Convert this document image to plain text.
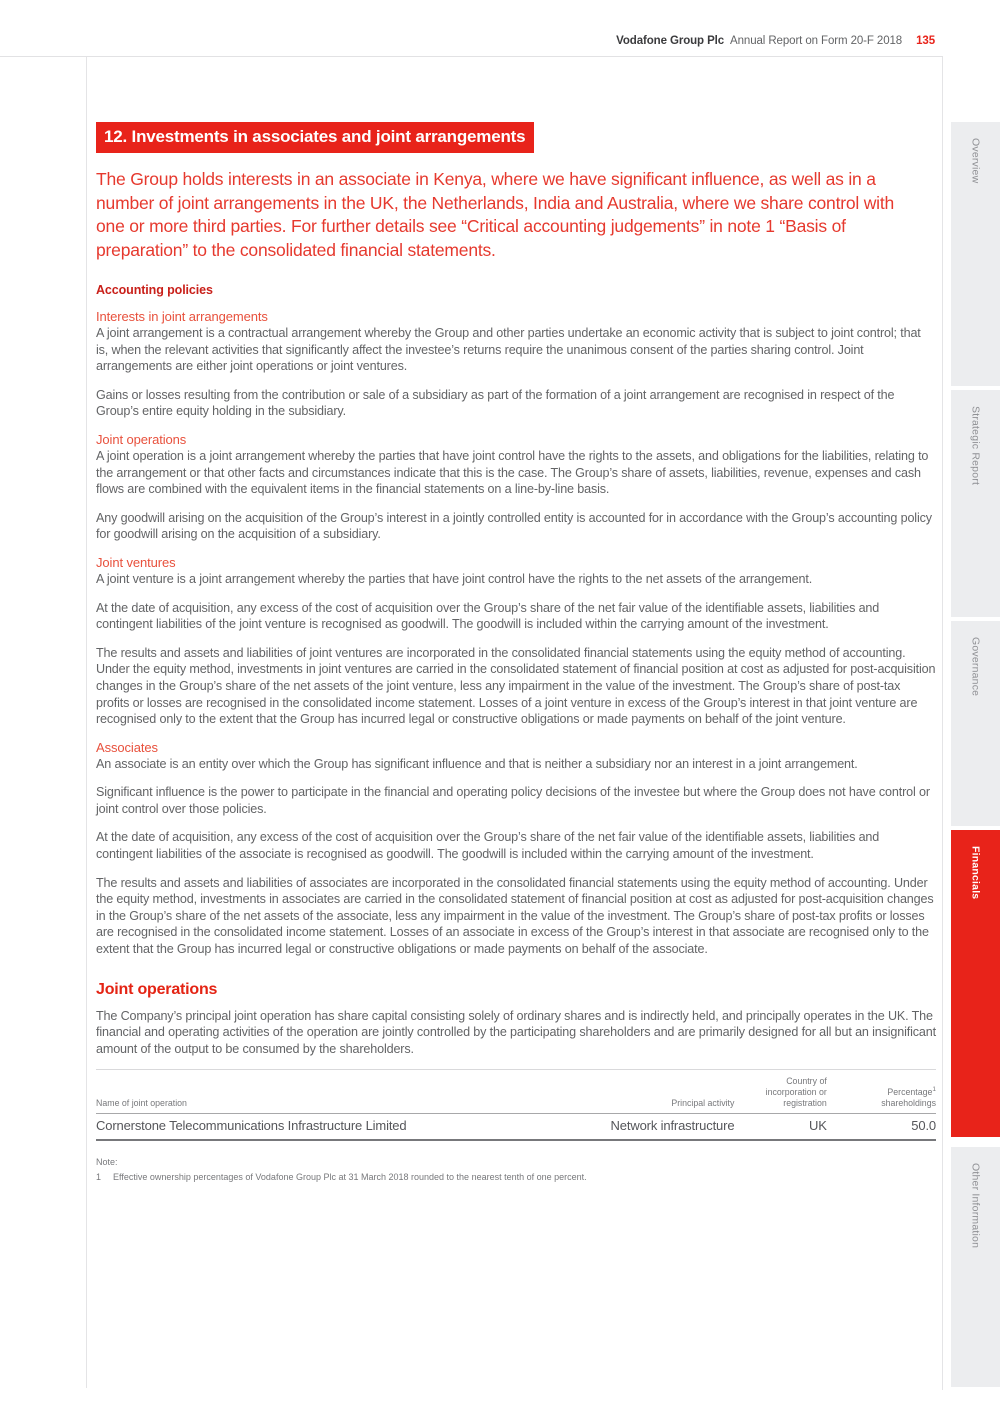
Vodafone Group Plc Annual Report on Form 20-F 2018 135
Overview
Strategic Report
Governance
Financials
Other Information
12. Investments in associates and joint arrangements
The Group holds interests in an associate in Kenya, where we have significant influence, as well as in a number of joint arrangements in the UK, the Netherlands, India and Australia, where we share control with one or more third parties. For further details see “Critical accounting judgements” in note 1 “Basis of preparation” to the consolidated financial statements.
Accounting policies
Interests in joint arrangements
A joint arrangement is a contractual arrangement whereby the Group and other parties undertake an economic activity that is subject to joint control; that is, when the relevant activities that significantly affect the investee’s returns require the unanimous consent of the parties sharing control. Joint arrangements are either joint operations or joint ventures.
Gains or losses resulting from the contribution or sale of a subsidiary as part of the formation of a joint arrangement are recognised in respect of the Group’s entire equity holding in the subsidiary.
Joint operations
A joint operation is a joint arrangement whereby the parties that have joint control have the rights to the assets, and obligations for the liabilities, relating to the arrangement or that other facts and circumstances indicate that this is the case. The Group’s share of assets, liabilities, revenue, expenses and cash flows are combined with the equivalent items in the financial statements on a line-by-line basis.
Any goodwill arising on the acquisition of the Group’s interest in a jointly controlled entity is accounted for in accordance with the Group’s accounting policy for goodwill arising on the acquisition of a subsidiary.
Joint ventures
A joint venture is a joint arrangement whereby the parties that have joint control have the rights to the net assets of the arrangement.
At the date of acquisition, any excess of the cost of acquisition over the Group’s share of the net fair value of the identifiable assets, liabilities and contingent liabilities of the joint venture is recognised as goodwill. The goodwill is included within the carrying amount of the investment.
The results and assets and liabilities of joint ventures are incorporated in the consolidated financial statements using the equity method of accounting. Under the equity method, investments in joint ventures are carried in the consolidated statement of financial position at cost as adjusted for post-acquisition changes in the Group’s share of the net assets of the joint venture, less any impairment in the value of the investment. The Group’s share of post-tax profits or losses are recognised in the consolidated income statement. Losses of a joint venture in excess of the Group’s interest in that joint venture are recognised only to the extent that the Group has incurred legal or constructive obligations or made payments on behalf of the joint venture.
Associates
An associate is an entity over which the Group has significant influence and that is neither a subsidiary nor an interest in a joint arrangement.
Significant influence is the power to participate in the financial and operating policy decisions of the investee but where the Group does not have control or joint control over those policies.
At the date of acquisition, any excess of the cost of acquisition over the Group’s share of the net fair value of the identifiable assets, liabilities and contingent liabilities of the associate is recognised as goodwill. The goodwill is included within the carrying amount of the investment.
The results and assets and liabilities of associates are incorporated in the consolidated financial statements using the equity method of accounting. Under the equity method, investments in associates are carried in the consolidated statement of financial position at cost as adjusted for post-acquisition changes in the Group’s share of the net assets of the associate, less any impairment in the value of the investment. The Group’s share of post-tax profits or losses are recognised in the consolidated income statement. Losses of an associate in excess of the Group’s interest in that associate are recognised only to the extent that the Group has incurred legal or constructive obligations or made payments on behalf of the associate.
Joint operations
The Company’s principal joint operation has share capital consisting solely of ordinary shares and is indirectly held, and principally operates in the UK. The financial and operating activities of the operation are jointly controlled by the participating shareholders and are primarily designed for all but an insignificant amount of the output to be consumed by the shareholders.
Name of joint operation	Principal activity	Country of
incorporation or
registration	Percentage$^1$
shareholdings
Cornerstone Telecommunications Infrastructure Limited	Network infrastructure	UK	50.0
Note:
1	Effective ownership percentages of Vodafone Group Plc at 31 March 2018 rounded to the nearest tenth of one percent.
